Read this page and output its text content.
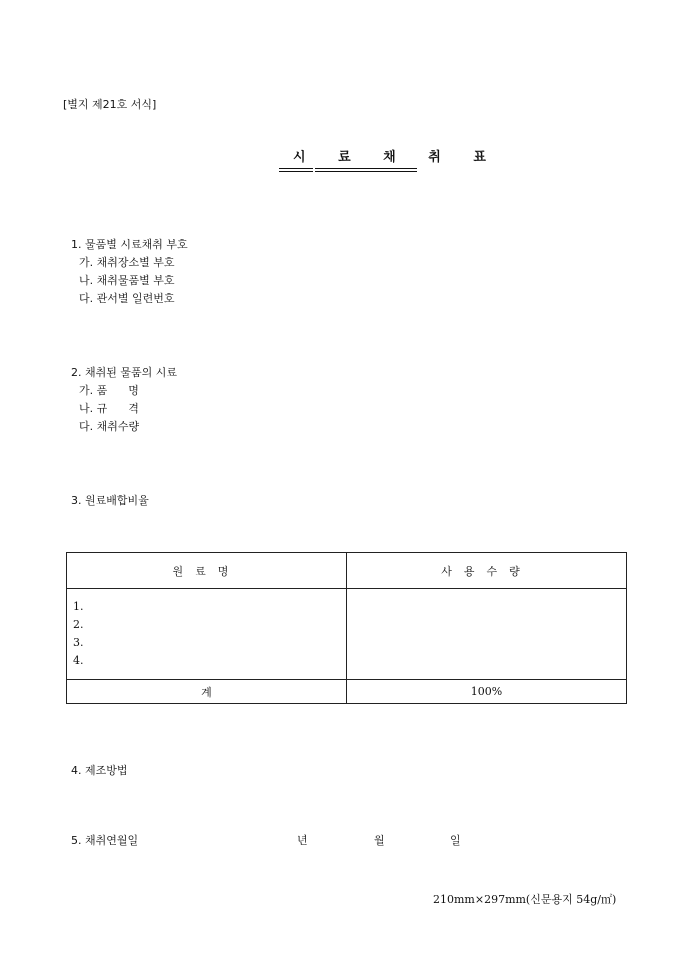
[별지 제21호 서식]
시 료 채 취 표
1. 물품별 시료채취 부호
가. 채취장소별 부호
나. 채취물품별 부호
다. 관서별 일련번호
2. 채취된 물품의 시료
가. 품      명
나. 규      격
다. 채취수량
3. 원료배합비율
원료명	사용수량

1.
2.
3.
4.	

계	100%
4. 제조방법
5. 채취연월일	년	월	일
210mm×297mm(신문용지 54g/㎡)
